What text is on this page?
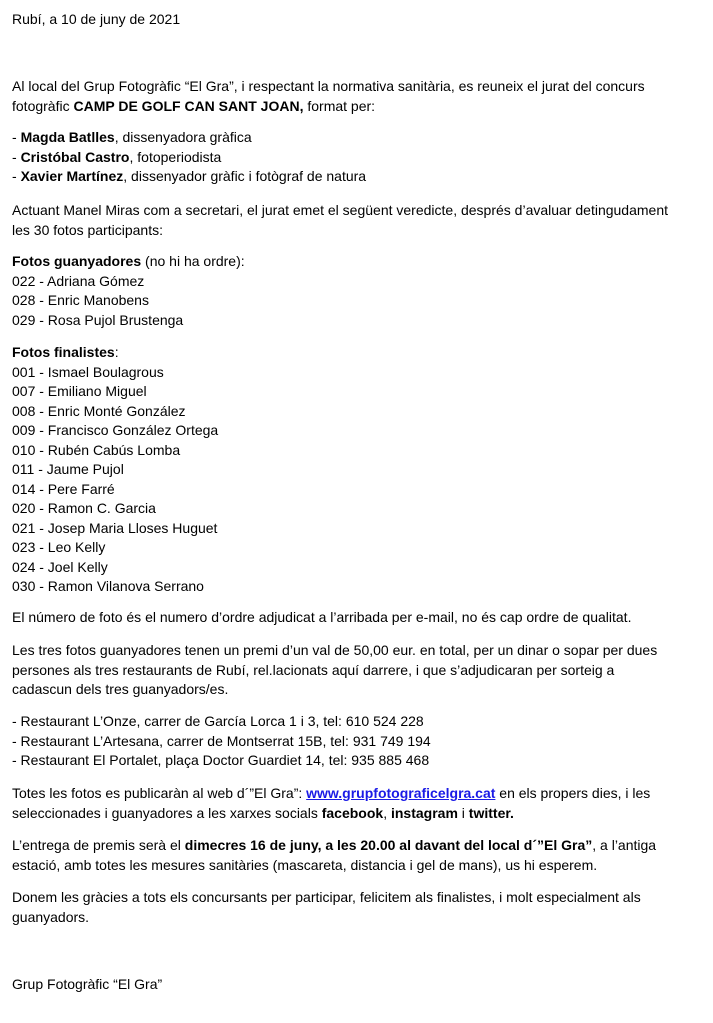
Rubí, a 10 de juny de 2021
Al local del Grup Fotogràfic “El Gra”, i respectant la normativa sanitària, es reuneix el jurat del concurs
fotogràfic CAMP DE GOLF CAN SANT JOAN, format per:
- Magda Batlles, dissenyadora gràfica
- Cristóbal Castro, fotoperiodista
- Xavier Martínez, dissenyador gràfic i fotògraf de natura
Actuant Manel Miras com a secretari, el jurat emet el següent veredicte, després d’avaluar detingudament
les 30 fotos participants:
Fotos guanyadores (no hi ha ordre):
022 - Adriana Gómez
028 - Enric Manobens
029 - Rosa Pujol Brustenga
Fotos finalistes:
001 - Ismael Boulagrous
007 - Emiliano Miguel
008 - Enric Monté González
009 - Francisco González Ortega
010 - Rubén Cabús Lomba
011 - Jaume Pujol
014 - Pere Farré
020 - Ramon C. Garcia
021 - Josep Maria Lloses Huguet
023 - Leo Kelly
024 - Joel Kelly
030 - Ramon Vilanova Serrano
El número de foto és el numero d’ordre adjudicat a l’arribada per e-mail, no és cap ordre de qualitat.
Les tres fotos guanyadores tenen un premi d’un val de 50,00 eur. en total, per un dinar o sopar per dues
persones als tres restaurants de Rubí, rel.lacionats aquí darrere, i que s’adjudicaran per sorteig a
cadascun dels tres guanyadors/es.
- Restaurant L’Onze, carrer de García Lorca 1 i 3, tel: 610 524 228
- Restaurant L’Artesana, carrer de Montserrat 15B, tel: 931 749 194
- Restaurant El Portalet, plaça Doctor Guardiet 14, tel: 935 885 468
Totes les fotos es publicaràn al web d´”El Gra”: www.grupfotograficelgra.cat en els propers dies, i les
seleccionades i guanyadores a les xarxes socials facebook, instagram i twitter.
L’entrega de premis serà el dimecres 16 de juny, a les 20.00 al davant del local d´”El Gra”, a l’antiga
estació, amb totes les mesures sanitàries (mascareta, distancia i gel de mans), us hi esperem.
Donem les gràcies a tots els concursants per participar, felicitem als finalistes, i molt especialment als
guanyadors.
Grup Fotogràfic “El Gra”
